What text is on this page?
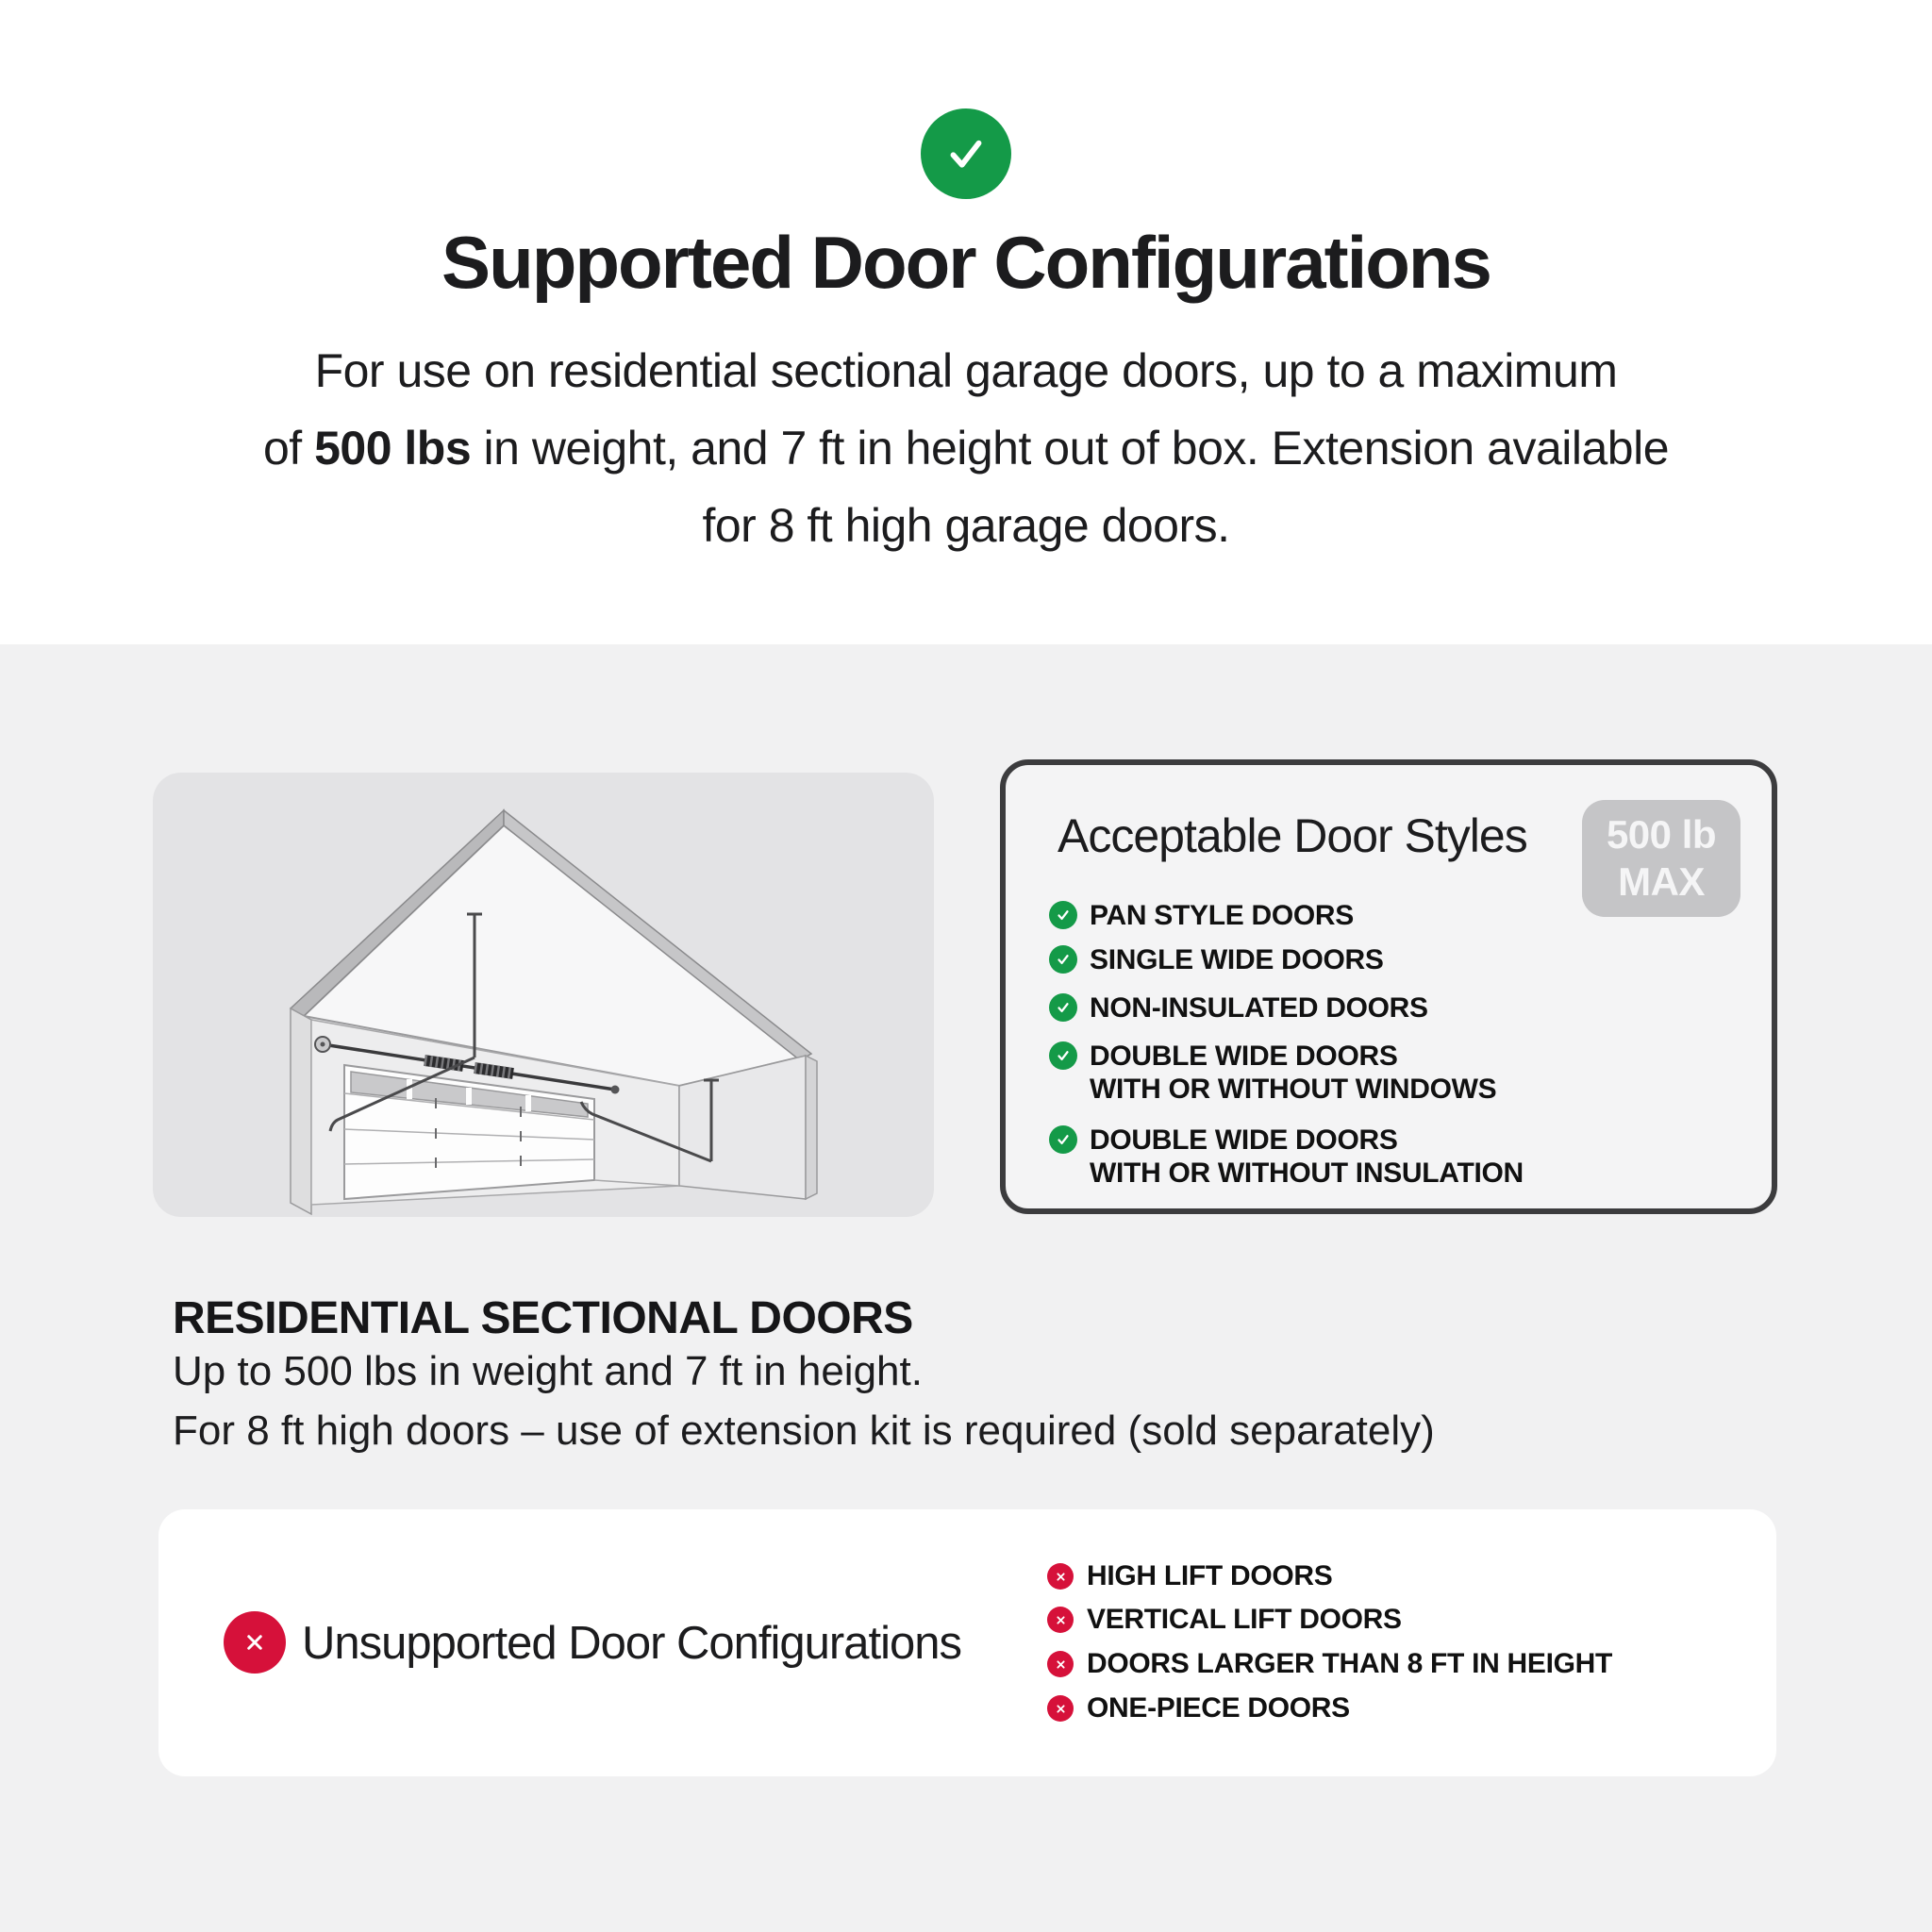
Supported Door Configurations
For use on residential sectional garage doors, up to a maximum
of 500 lbs in weight, and 7 ft in height out of box. Extension available
for 8 ft high garage doors.
Acceptable Door Styles 500 lb
MAX
PAN STYLE DOORS
SINGLE WIDE DOORS
NON-INSULATED DOORS
DOUBLE WIDE DOORS
WITH OR WITHOUT WINDOWS
DOUBLE WIDE DOORS
WITH OR WITHOUT INSULATION
RESIDENTIAL SECTIONAL DOORS
Up to 500 lbs in weight and 7 ft in height.
For 8 ft high doors – use of extension kit is required (sold separately)
Unsupported Door Configurations
HIGH LIFT DOORS
VERTICAL LIFT DOORS
DOORS LARGER THAN 8 FT IN HEIGHT
ONE-PIECE DOORS
